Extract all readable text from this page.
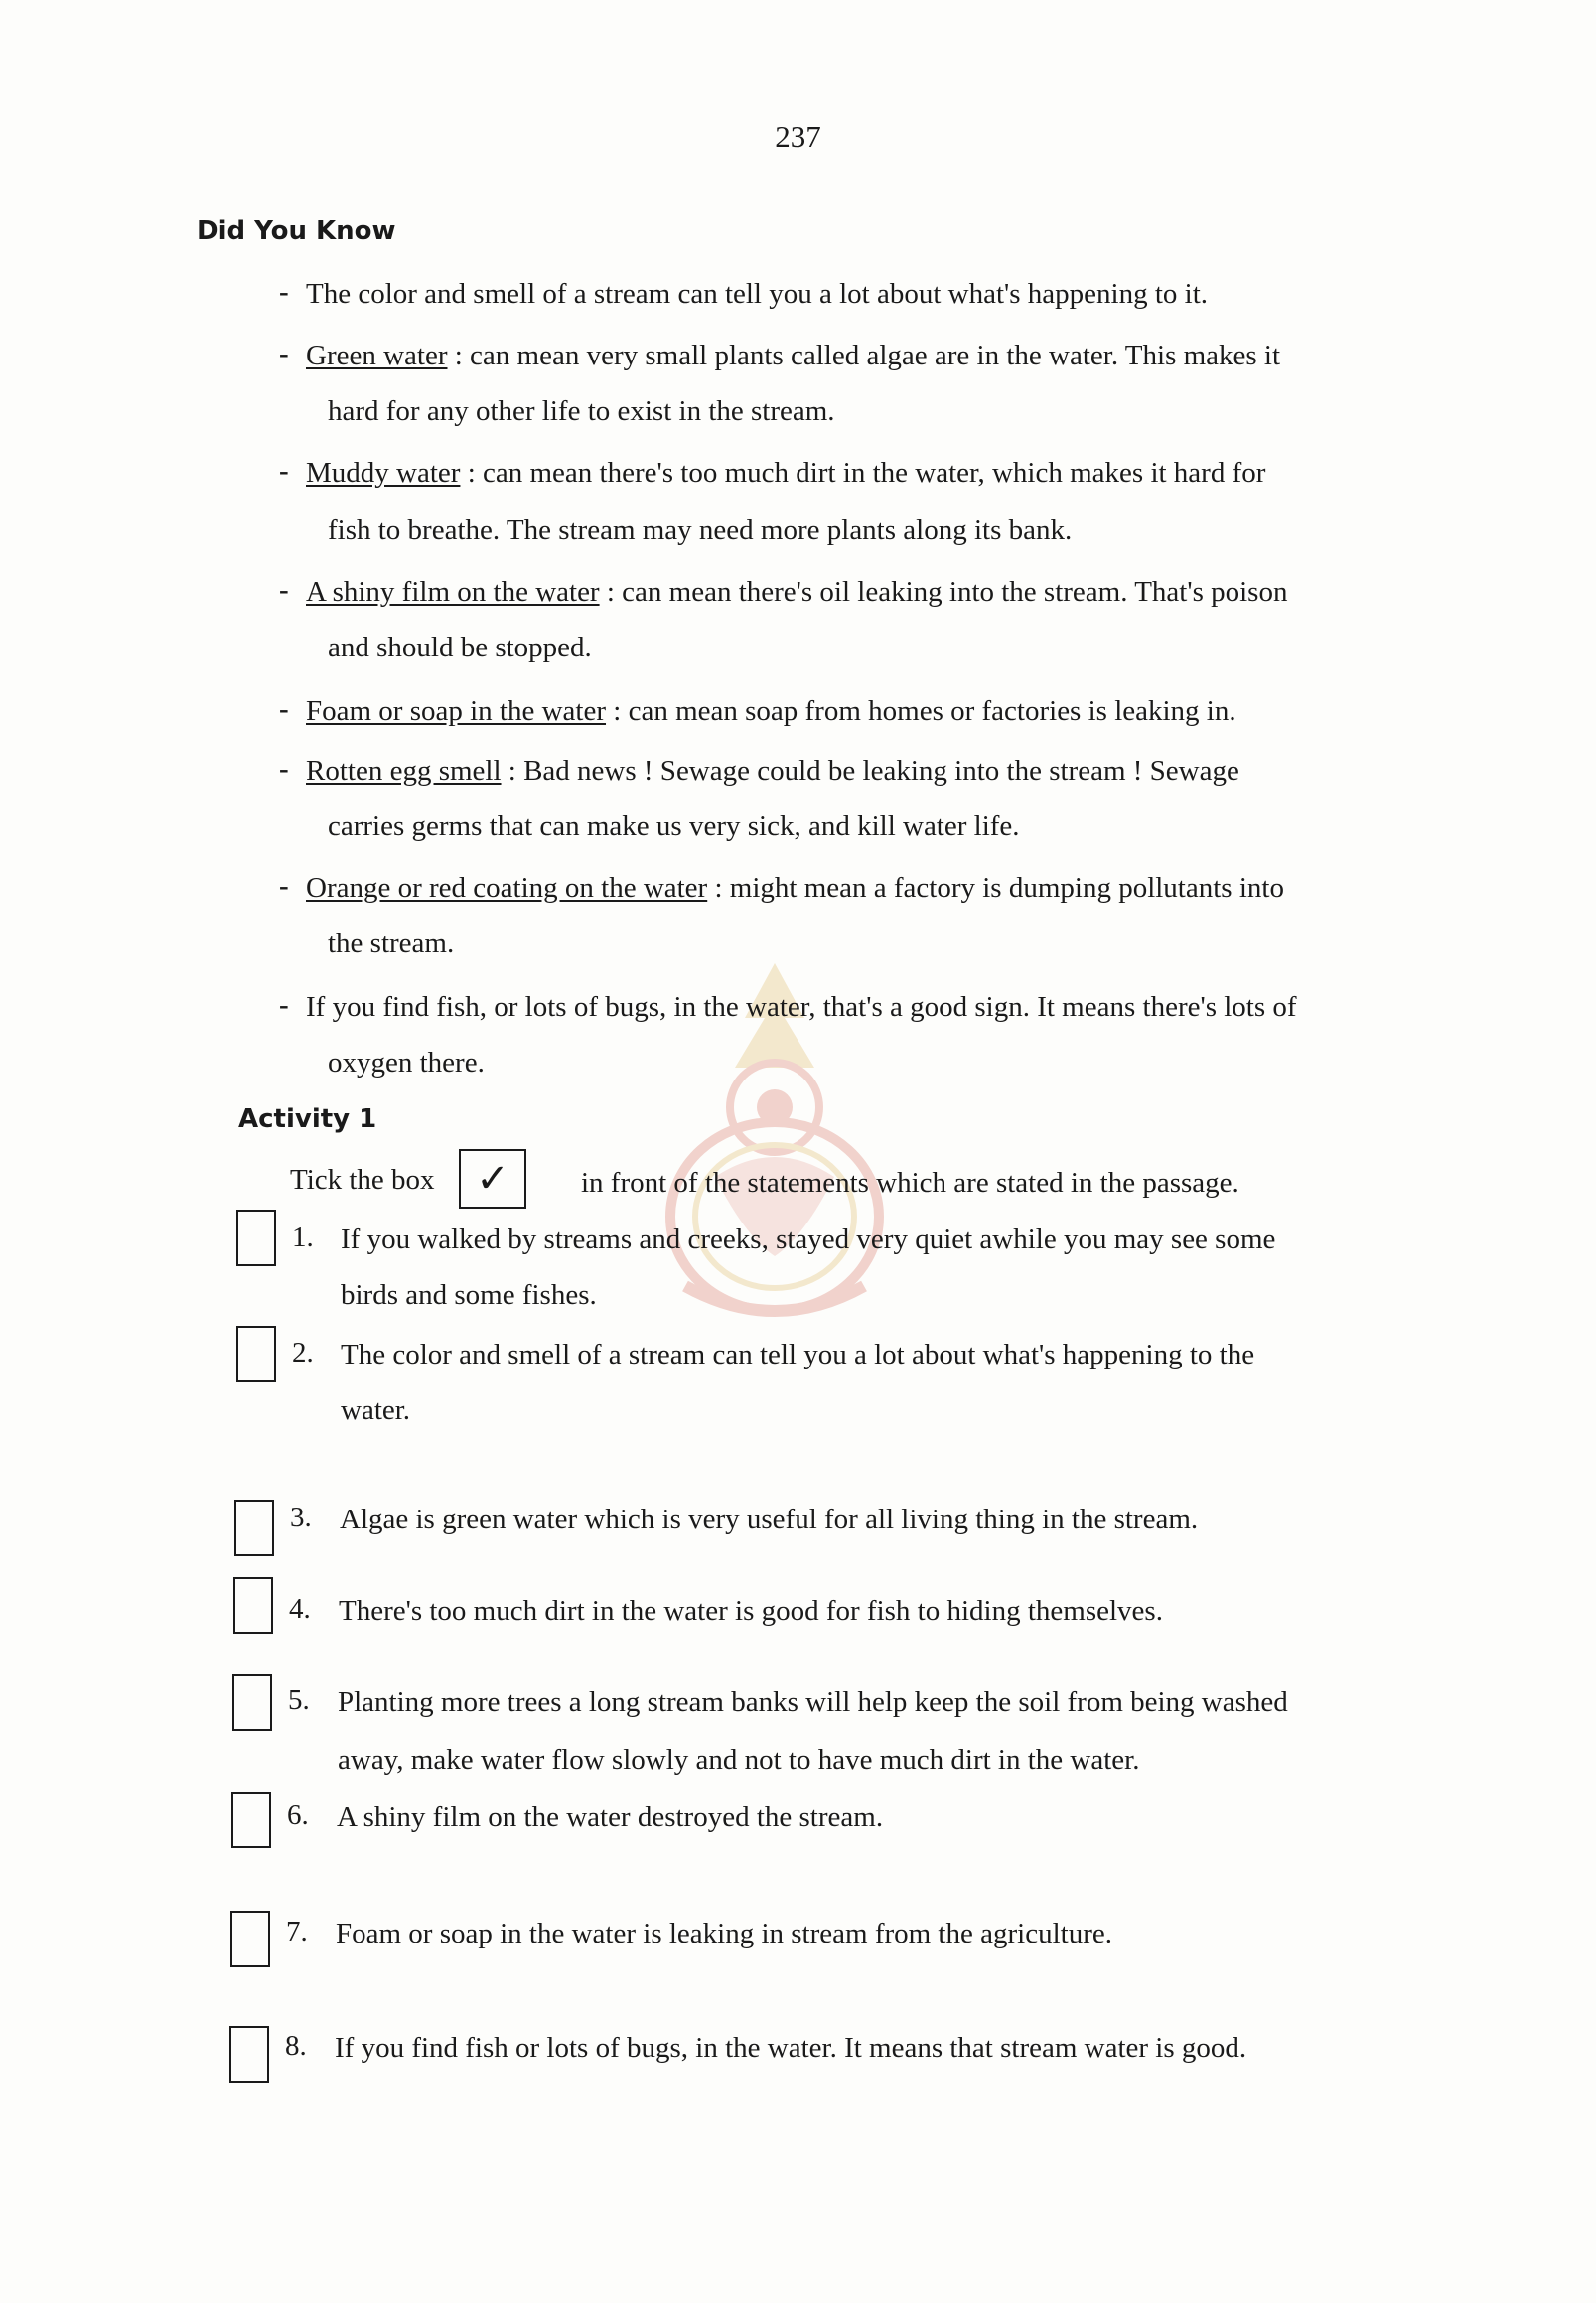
237
Did You Know
- The color and smell of a stream can tell you a lot about what's happening to it.
- Green water : can mean very small plants called algae are in the water. This makes it
hard for any other life to exist in the stream.
- Muddy water : can mean there's too much dirt in the water, which makes it hard for
fish to breathe. The stream may need more plants along its bank.
- A shiny film on the water : can mean there's oil leaking into the stream. That's poison
and should be stopped.
- Foam or soap in the water : can mean soap from homes or factories is leaking in.
- Rotten egg smell : Bad news ! Sewage could be leaking into the stream ! Sewage
carries germs that can make us very sick, and kill water life.
- Orange or red coating on the water : might mean a factory is dumping pollutants into
the stream.
- If you find fish, or lots of bugs, in the water, that's a good sign. It means there's lots of
oxygen there.
Activity 1
Tick the box ✓ in front of the statements which are stated in the passage.
1. If you walked by streams and creeks, stayed very quiet awhile you may see some
birds and some fishes.
2. The color and smell of a stream can tell you a lot about what's happening to the
water.
3. Algae is green water which is very useful for all living thing in the stream.
4. There's too much dirt in the water is good for fish to hiding themselves.
5. Planting more trees a long stream banks will help keep the soil from being washed
away, make water flow slowly and not to have much dirt in the water.
6. A shiny film on the water destroyed the stream.
7. Foam or soap in the water is leaking in stream from the agriculture.
8. If you find fish or lots of bugs, in the water. It means that stream water is good.
